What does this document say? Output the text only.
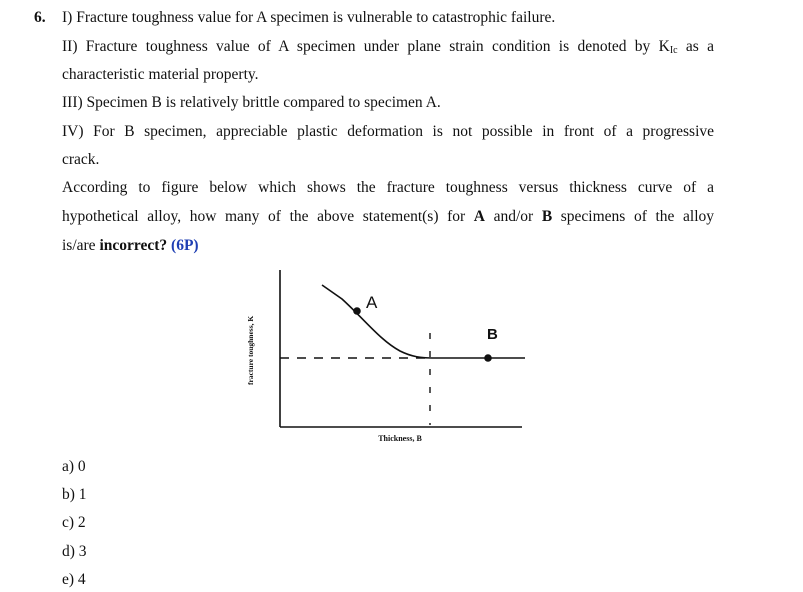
6. I) Fracture toughness value for A specimen is vulnerable to catastrophic failure.
II) Fracture toughness value of A specimen under plane strain condition is denoted by $K_{Ic}$ as a
characteristic material property.
III) Specimen B is relatively brittle compared to specimen A.
IV) For B specimen, appreciable plastic deformation is not possible in front of a progressive
crack.
According to figure below which shows the fracture toughness versus thickness curve of a
hypothetical alloy, how many of the above statement(s) for A and/or B specimens of the alloy
is/are incorrect? (6P)
fracture toughness, K
Thickness, B
A
B
a) 0
b) 1
c) 2
d) 3
e) 4
